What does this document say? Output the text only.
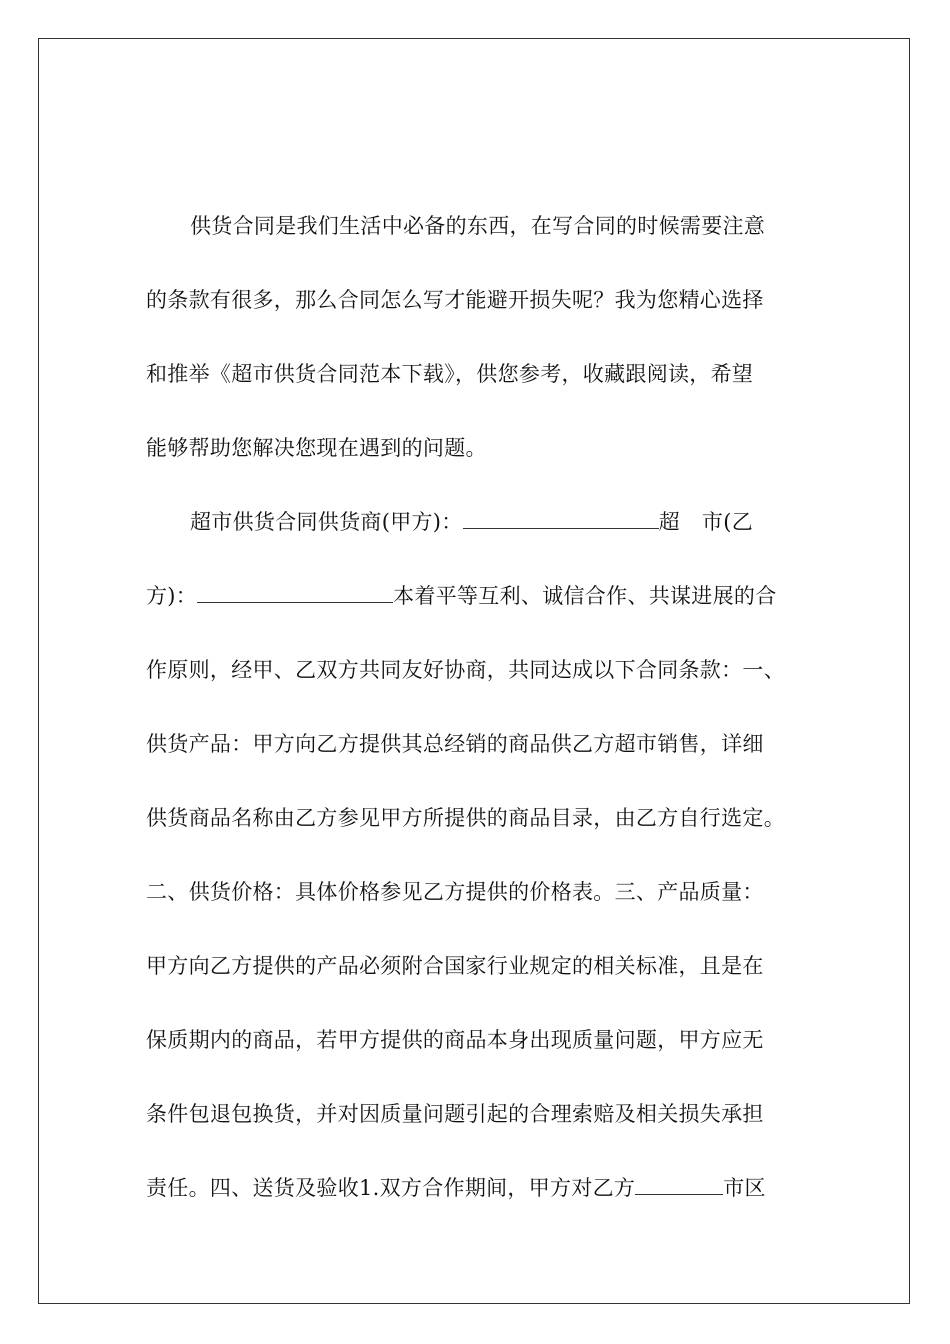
供货合同是我们生活中必备的东西，在写合同的时候需要注意
的条款有很多，那么合同怎么写才能避开损失呢？我为您精心选择
和推举《超市供货合同范本下载》，供您参考，收藏跟阅读，希望
能够帮助您解决您现在遇到的问题。
超市供货合同供货商(甲方)：	超 市(乙
方)：	本着平等互利、诚信合作、共谋进展的合
作原则，经甲、乙双方共同友好协商，共同达成以下合同条款：一、
供货产品：甲方向乙方提供其总经销的商品供乙方超市销售，详细
供货商品名称由乙方参见甲方所提供的商品目录，由乙方自行选定。
二、供货价格：具体价格参见乙方提供的价格表。三、产品质量：
甲方向乙方提供的产品必须附合国家行业规定的相关标准，且是在
保质期内的商品，若甲方提供的商品本身出现质量问题，甲方应无
条件包退包换货，并对因质量问题引起的合理索赔及相关损失承担
责任。四、送货及验收1.双方合作期间，甲方对乙方	市区
